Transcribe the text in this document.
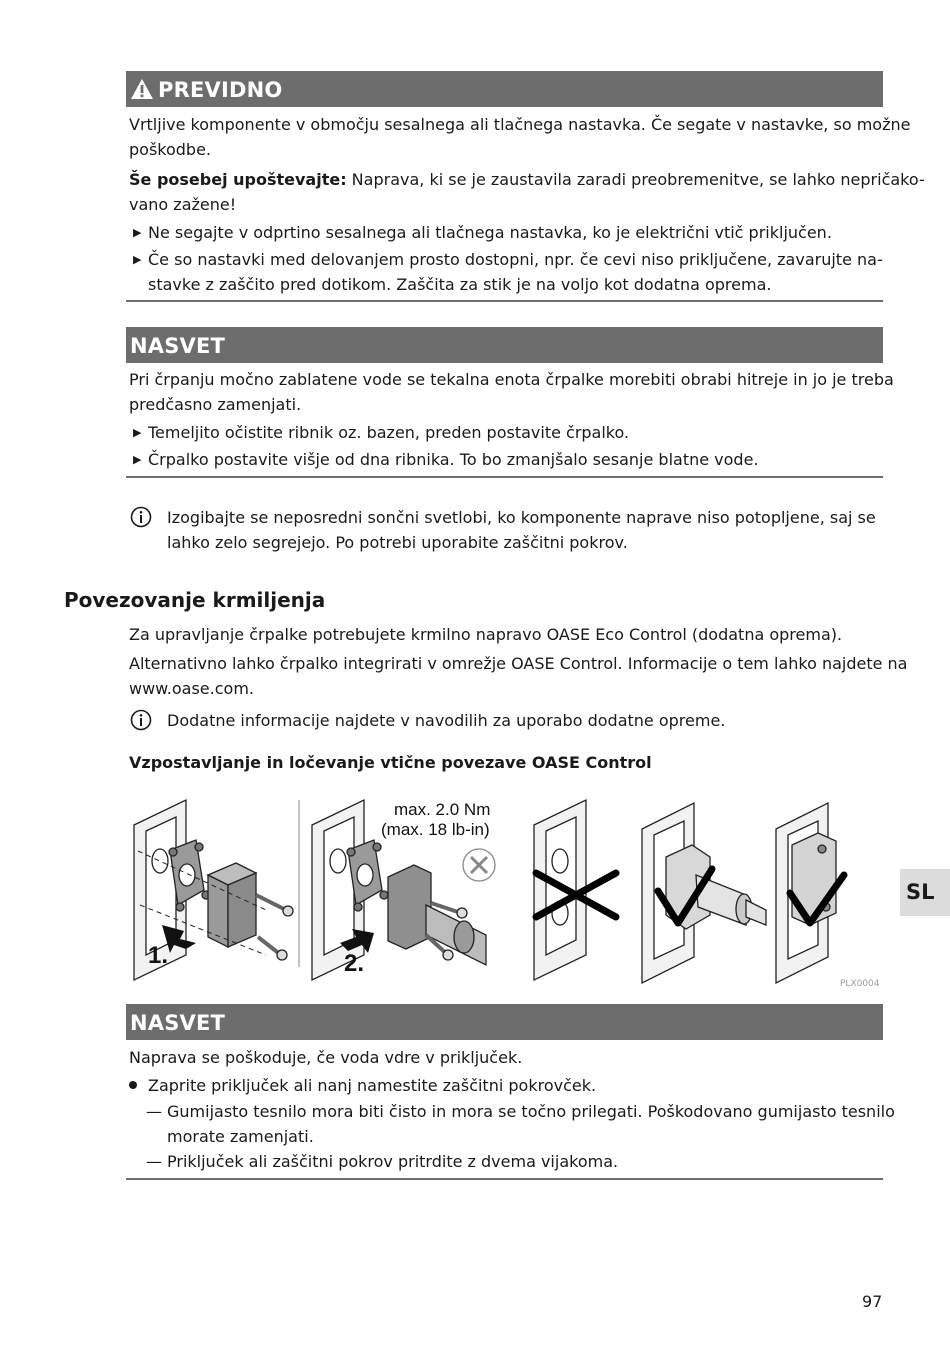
PREVIDNO
Vrtljive komponente v območju sesalnega ali tlačnega nastavka. Če segate v nastavke, so možne
poškodbe.
Še posebej upoštevajte: Naprava, ki se je zaustavila zaradi preobremenitve, se lahko nepričako-
vano zažene!
▶ Ne segajte v odprtino sesalnega ali tlačnega nastavka, ko je električni vtič priključen.
▶ Če so nastavki med delovanjem prosto dostopni, npr. če cevi niso priključene, zavarujte na-
stavke z zaščito pred dotikom. Zaščita za stik je na voljo kot dodatna oprema.
NASVET
Pri črpanju močno zablatene vode se tekalna enota črpalke morebiti obrabi hitreje in jo je treba
predčasno zamenjati.
▶ Temeljito očistite ribnik oz. bazen, preden postavite črpalko.
▶ Črpalko postavite višje od dna ribnika. To bo zmanjšalo sesanje blatne vode.
Izogibajte se neposredni sončni svetlobi, ko komponente naprave niso potopljene, saj se
lahko zelo segrejejo. Po potrebi uporabite zaščitni pokrov.
Povezovanje krmiljenja
Za upravljanje črpalke potrebujete krmilno napravo OASE Eco Control (dodatna oprema).
Alternativno lahko črpalko integrirati v omrežje OASE Control. Informacije o tem lahko najdete na
www.oase.com.
Dodatne informacije najdete v navodilih za uporabo dodatne opreme.
Vzpostavljanje in ločevanje vtične povezave OASE Control
1.	2.
max. 2.0 Nm
(max. 18 lb-in)
PLX0004
NASVET
Naprava se poškoduje, če voda vdre v priključek.
Zaprite priključek ali nanj namestite zaščitni pokrovček.
— Gumijasto tesnilo mora biti čisto in mora se točno prilegati. Poškodovano gumijasto tesnilo
morate zamenjati.
— Priključek ali zaščitni pokrov pritrdite z dvema vijakoma.
SL
97
